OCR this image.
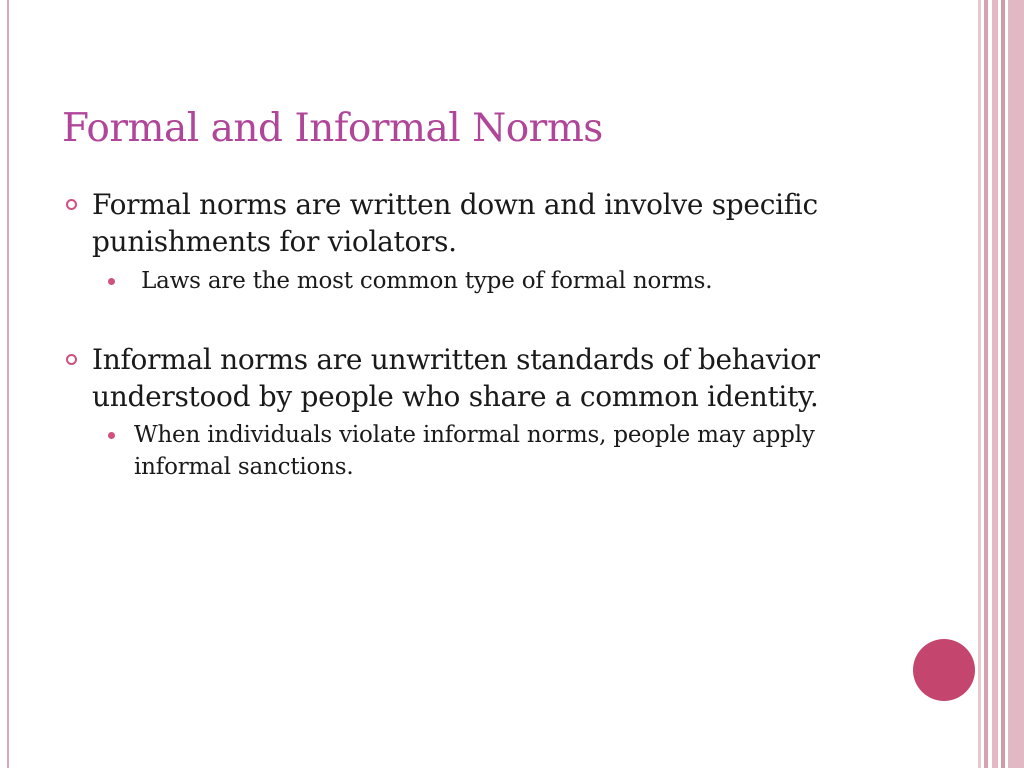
Formal and Informal Norms
Formal norms are written down and involve specific punishments for violators.
Laws are the most common type of formal norms.
Informal norms are unwritten standards of behavior understood by people who share a common identity.
When individuals violate informal norms, people may apply informal sanctions.
